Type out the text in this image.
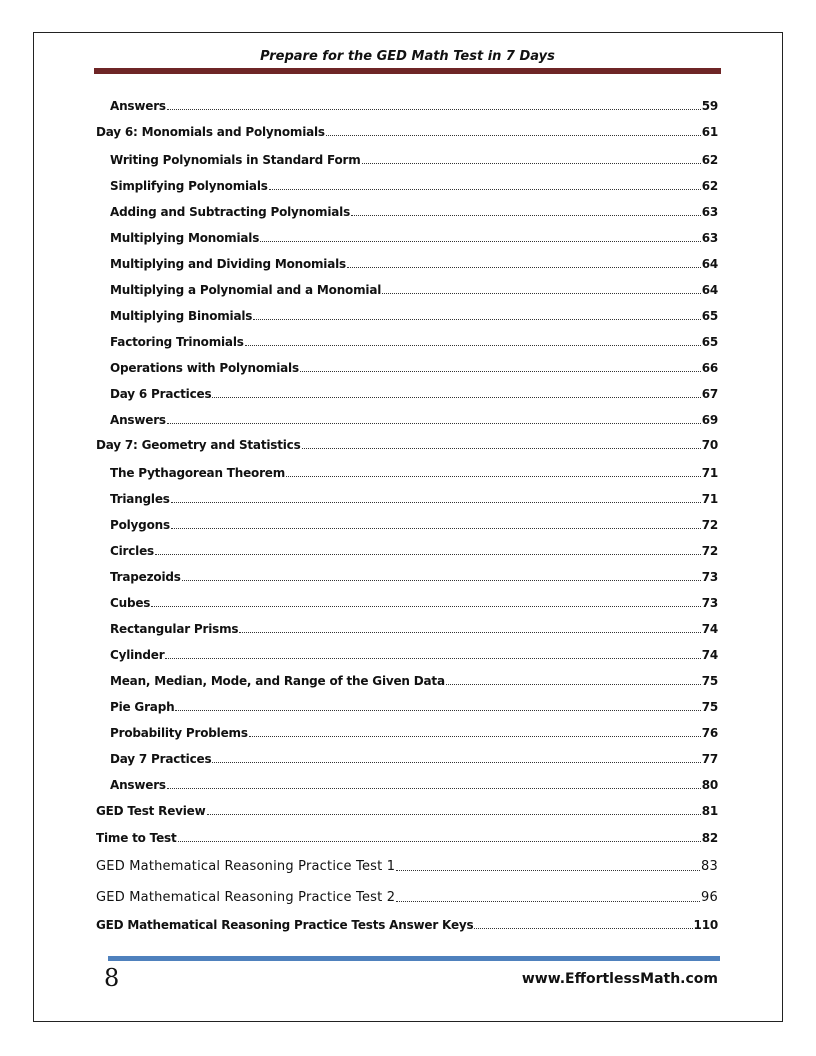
Prepare for the GED Math Test in 7 Days
Answers	59
Day 6: Monomials and Polynomials	61
Writing Polynomials in Standard Form	62
Simplifying Polynomials	62
Adding and Subtracting Polynomials	63
Multiplying Monomials	63
Multiplying and Dividing Monomials	64
Multiplying a Polynomial and a Monomial	64
Multiplying Binomials	65
Factoring Trinomials	65
Operations with Polynomials	66
Day 6 Practices	67
Answers	69
Day 7: Geometry and Statistics	70
The Pythagorean Theorem	71
Triangles	71
Polygons	72
Circles	72
Trapezoids	73
Cubes	73
Rectangular Prisms	74
Cylinder	74
Mean, Median, Mode, and Range of the Given Data	75
Pie Graph	75
Probability Problems	76
Day 7 Practices	77
Answers	80
GED Test Review	81
Time to Test	82
GED Mathematical Reasoning Practice Test 1	83
GED Mathematical Reasoning Practice Test 2	96
GED Mathematical Reasoning Practice Tests Answer Keys	110
8	www.EffortlessMath.com
